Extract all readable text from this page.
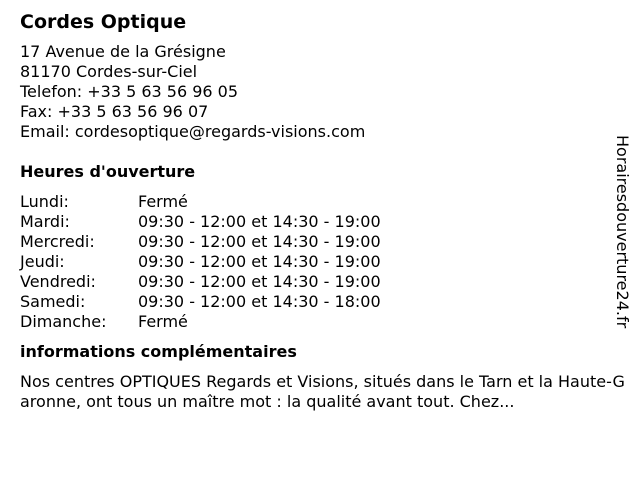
Cordes Optique
17 Avenue de la Grésigne
81170 Cordes-sur-Ciel
Telefon: +33 5 63 56 96 05
Fax: +33 5 63 56 96 07
Email: cordesoptique@regards-visions.com
Heures d'ouverture
Lundi:	Fermé
Mardi:	09:30 - 12:00 et 14:30 - 19:00
Mercredi:	09:30 - 12:00 et 14:30 - 19:00
Jeudi:	09:30 - 12:00 et 14:30 - 19:00
Vendredi:	09:30 - 12:00 et 14:30 - 19:00
Samedi:	09:30 - 12:00 et 14:30 - 18:00
Dimanche: Fermé
informations complémentaires
Nos centres OPTIQUES Regards et Visions, situés dans le Tarn et la Haute-Garonne, ont tous un maître mot : la qualité avant tout. Chez...
Horairesdouverture24.fr
